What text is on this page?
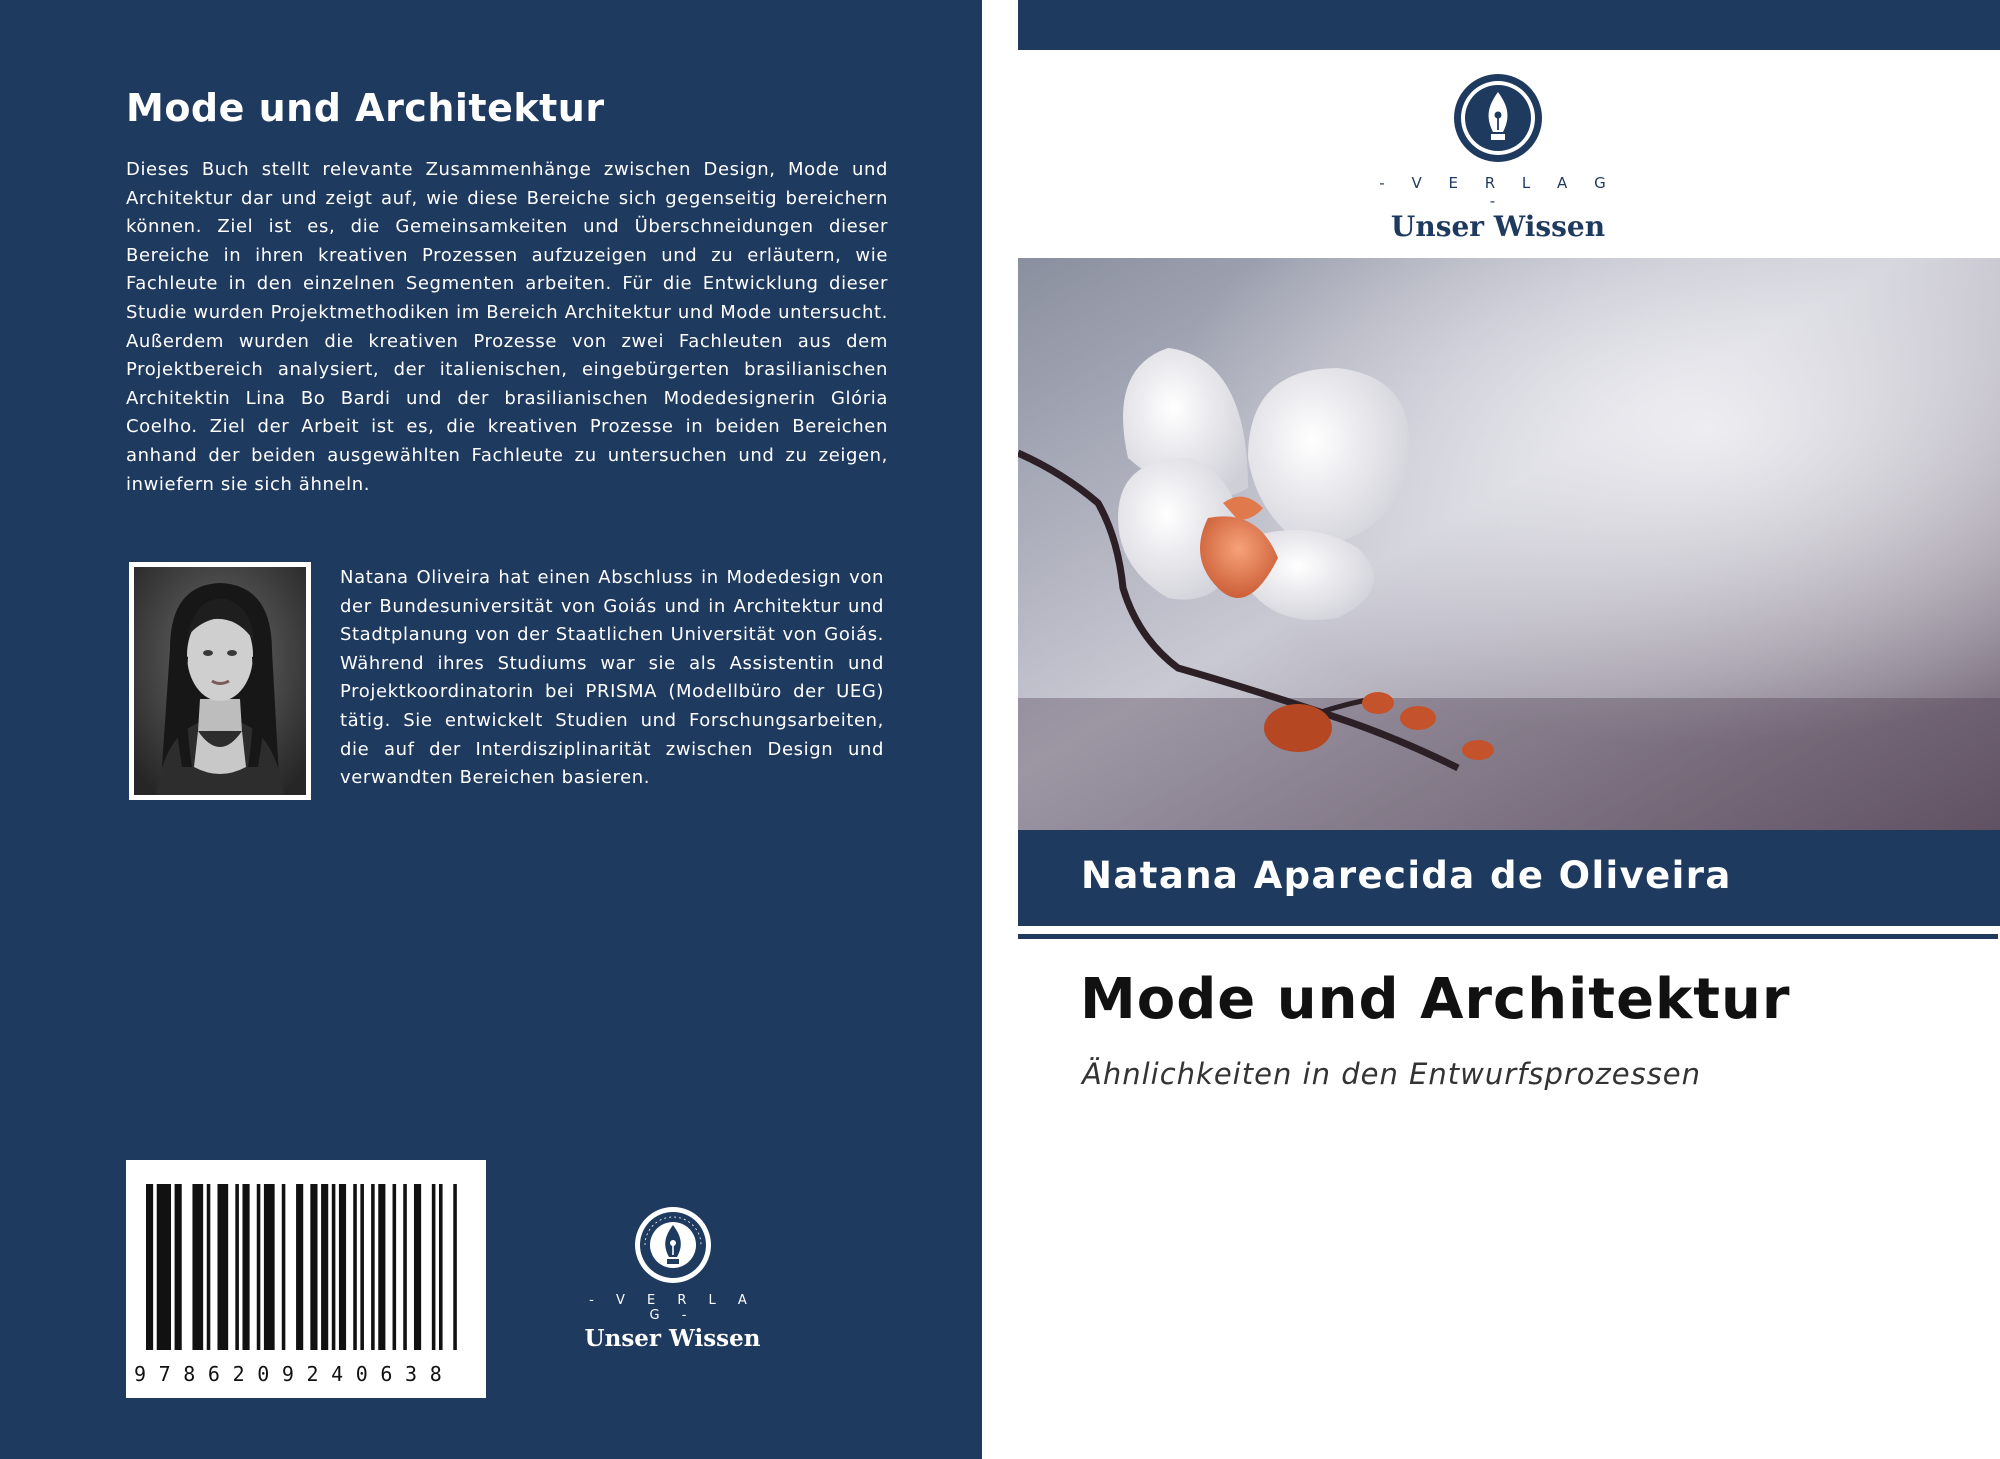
Mode und Architektur

Dieses Buch stellt relevante Zusammenhänge zwischen Design, Mode und Architektur dar und zeigt auf, wie diese Bereiche sich gegenseitig bereichern können. Ziel ist es, die Gemeinsamkeiten und Überschneidungen dieser Bereiche in ihren kreativen Prozessen aufzuzeigen und zu erläutern, wie Fachleute in den einzelnen Segmenten arbeiten. Für die Entwicklung dieser Studie wurden Projektmethodiken im Bereich Architektur und Mode untersucht. Außerdem wurden die kreativen Prozesse von zwei Fachleuten aus dem Projektbereich analysiert, der italienischen, eingebürgerten brasilianischen Architektin Lina Bo Bardi und der brasilianischen Modedesignerin Glória Coelho. Ziel der Arbeit ist es, die kreativen Prozesse in beiden Bereichen anhand der beiden ausgewählten Fachleute zu untersuchen und zu zeigen, inwiefern sie sich ähneln.

Natana Oliveira hat einen Abschluss in Modedesign von der Bundesuniversität von Goiás und in Architektur und Stadtplanung von der Staatlichen Universität von Goiás. Während ihres Studiums war sie als Assistentin und Projektkoordinatorin bei PRISMA (Modellbüro der UEG) tätig. Sie entwickelt Studien und Forschungsarbeiten, die auf der Interdisziplinarität zwischen Design und verwandten Bereichen basieren.

9786209240638

- V E R L A G -
Unser Wissen
- V E R L A G -
Unser Wissen

Natana Aparecida de Oliveira

Mode und Architektur
Ähnlichkeiten in den Entwurfsprozessen
